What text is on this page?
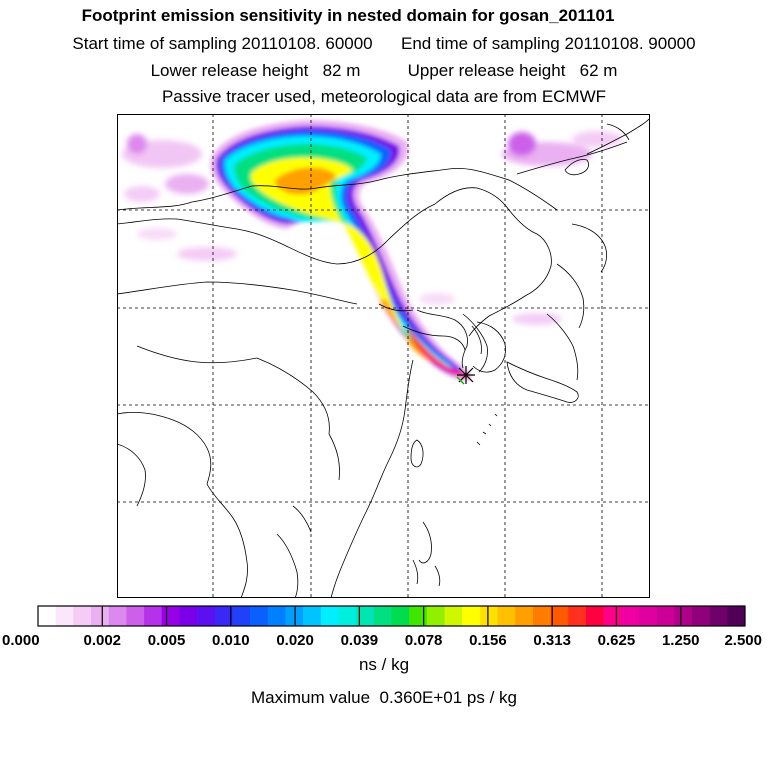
Footprint emission sensitivity in nested domain for gosan_201101
Start time of sampling 20110108. 60000 End time of sampling 20110108. 90000
Lower release height 82 m	Upper release height 62 m
Passive tracer used, meteorological data are from ECMWF
0.000	0.002 0.005 0.010 0.020 0.039 0.078 0.156 0.313 0.625 1.250 2.500
ns / kg
Maximum value 0.360E+01 ps / kg
